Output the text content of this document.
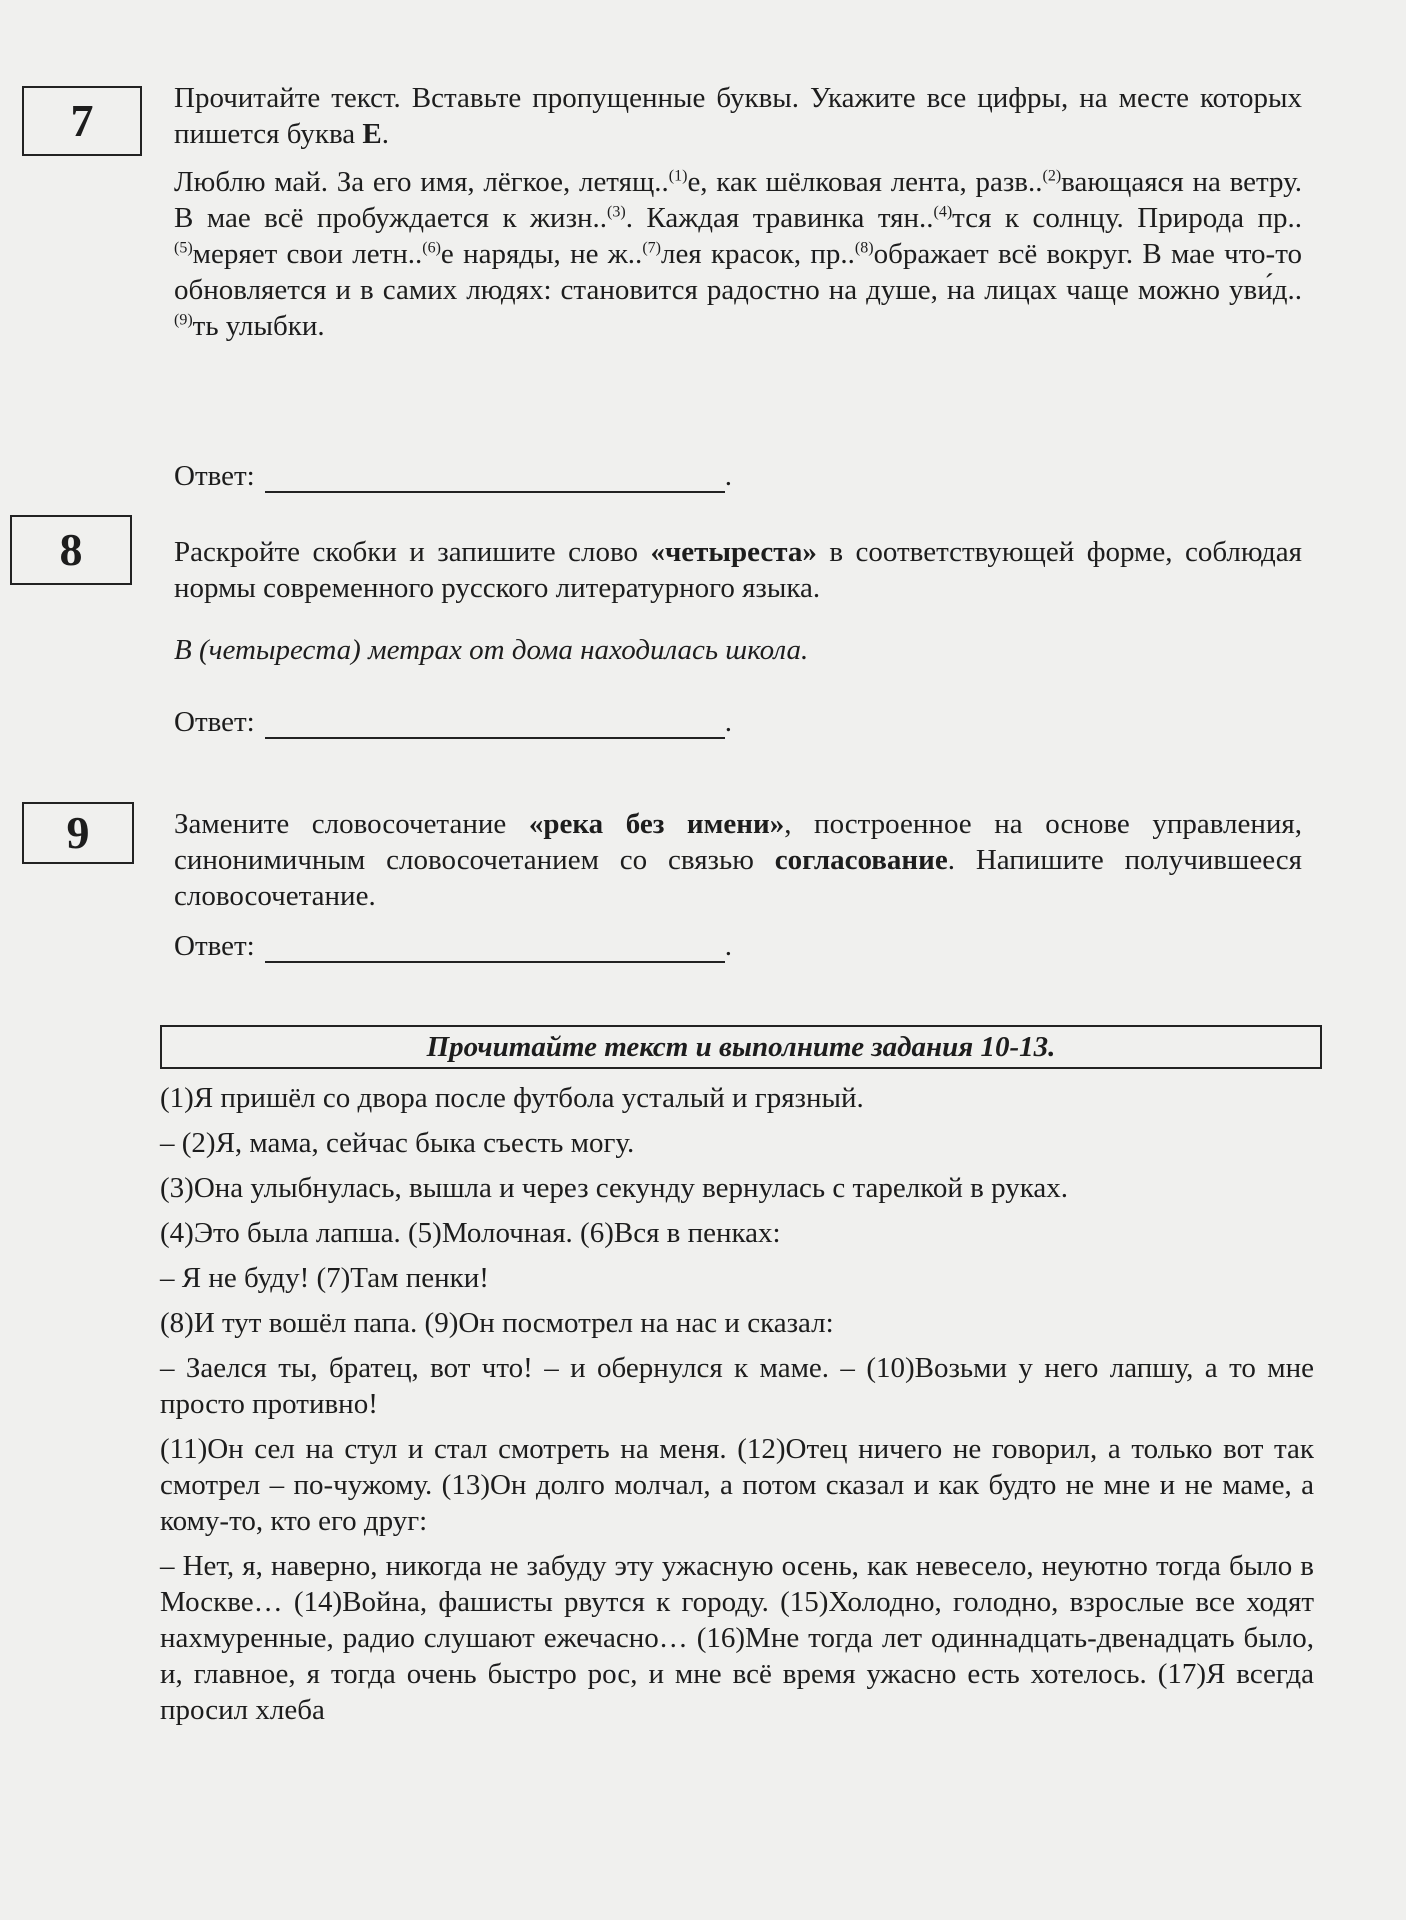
7	Прочитайте текст. Вставьте пропущенные буквы. Укажите все цифры, на месте которых пишется буква Е.

Люблю май. За его имя, лёгкое, летящ..$^{(1)}$е, как шёлковая лента, разв..$^{(2)}$вающаяся на ветру. В мае всё пробуждается к жизн..$^{(3)}$. Каждая травинка тян..$^{(4)}$тся к солнцу. Природа пр..$^{(5)}$меряет свои летн..$^{(6)}$е наряды, не ж..$^{(7)}$лея красок, пр..$^{(8)}$ображает всё вокруг. В мае что-то обновляется и в самих людях: становится радостно на душе, на лицах чаще можно уви́д..$^{(9)}$ть улыбки.

Ответ:	.
8	Раскройте скобки и запишите слово «четыреста» в соответствующей форме, соблюдая нормы современного русского литературного языка.

В (четыреста) метрах от дома находилась школа.

Ответ:	.
9	Замените словосочетание «река без имени», построенное на основе управления, синонимичным словосочетанием со связью согласование. Напишите получившееся словосочетание.

Ответ:	.
Прочитайте текст и выполните задания 10-13.

(1)Я пришёл со двора после футбола усталый и грязный.

– (2)Я, мама, сейчас быка съесть могу.

(3)Она улыбнулась, вышла и через секунду вернулась с тарелкой в руках.

(4)Это была лапша. (5)Молочная. (6)Вся в пенках:

– Я не буду! (7)Там пенки!

(8)И тут вошёл папа. (9)Он посмотрел на нас и сказал:

– Заелся ты, братец, вот что! – и обернулся к маме. – (10)Возьми у него лапшу, а то мне просто противно!

(11)Он сел на стул и стал смотреть на меня. (12)Отец ничего не говорил, а только вот так смотрел – по-чужому. (13)Он долго молчал, а потом сказал и как будто не мне и не маме, а кому-то, кто его друг:

– Нет, я, наверно, никогда не забуду эту ужасную осень, как невесело, неуютно тогда было в Москве… (14)Война, фашисты рвутся к городу. (15)Холодно, голодно, взрослые все ходят нахмуренные, радио слушают ежечасно… (16)Мне тогда лет одиннадцать-двенадцать было, и, главное, я тогда очень быстро рос, и мне всё время ужасно есть хотелось. (17)Я всегда просил хлеба
